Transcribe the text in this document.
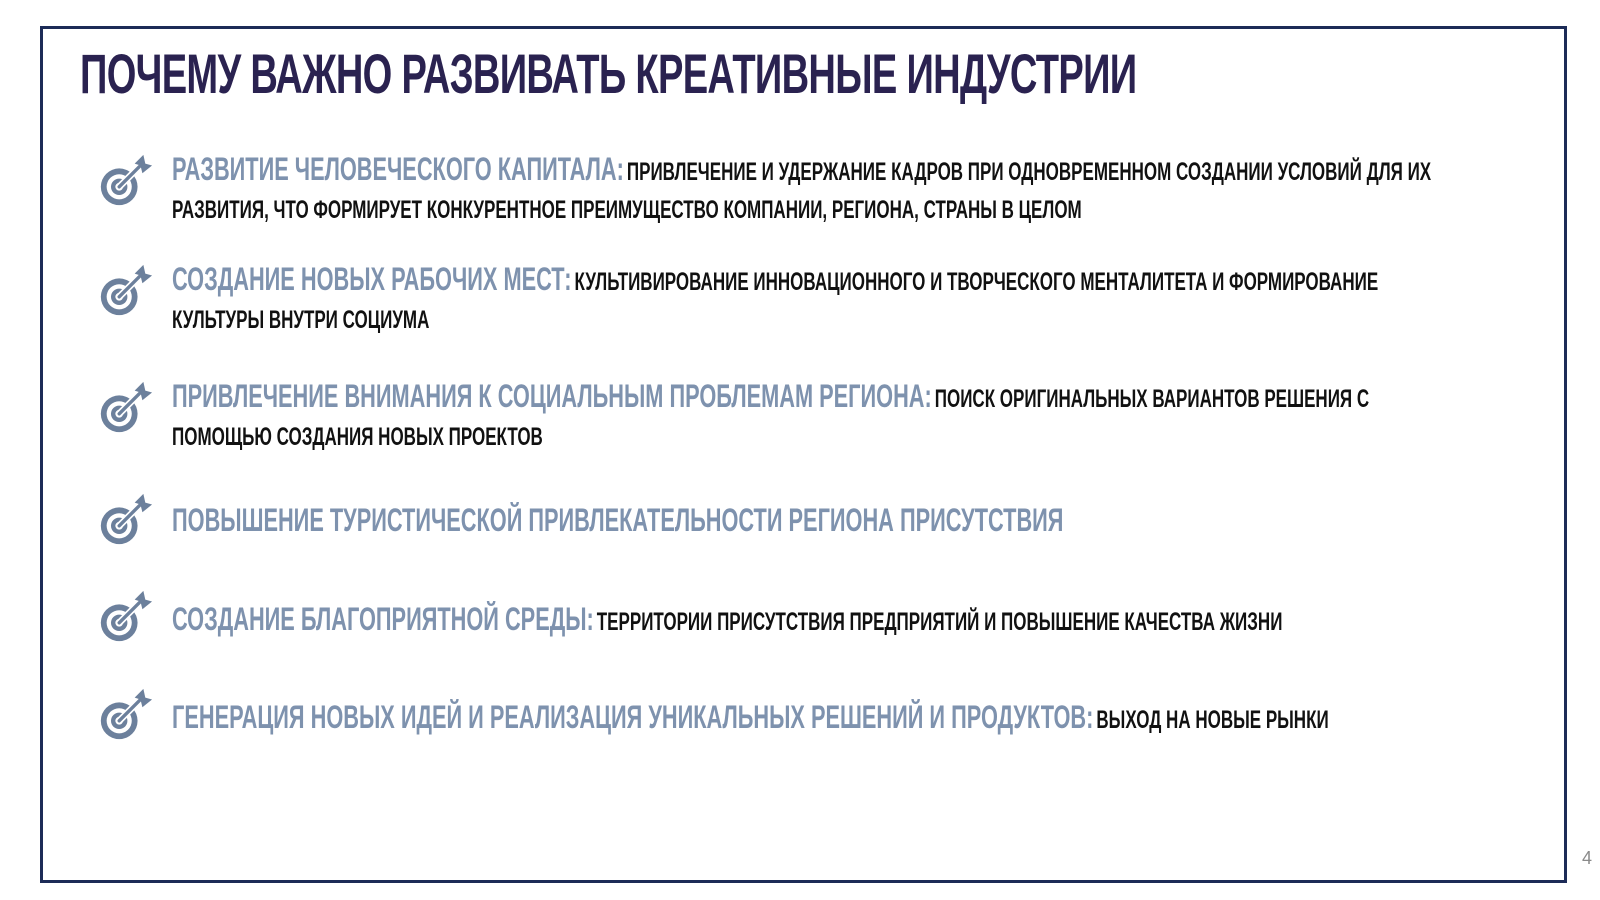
ПОЧЕМУ ВАЖНО РАЗВИВАТЬ КРЕАТИВНЫЕ ИНДУСТРИИ
РАЗВИТИЕ ЧЕЛОВЕЧЕСКОГО КАПИТАЛА: ПРИВЛЕЧЕНИЕ И УДЕРЖАНИЕ КАДРОВ ПРИ ОДНОВРЕМЕННОМ СОЗДАНИИ УСЛОВИЙ ДЛЯ ИХ РАЗВИТИЯ, ЧТО ФОРМИРУЕТ КОНКУРЕНТНОЕ ПРЕИМУЩЕСТВО КОМПАНИИ, РЕГИОНА, СТРАНЫ В ЦЕЛОМ
СОЗДАНИЕ НОВЫХ РАБОЧИХ МЕСТ: КУЛЬТИВИРОВАНИЕ ИННОВАЦИОННОГО И ТВОРЧЕСКОГО МЕНТАЛИТЕТА И ФОРМИРОВАНИЕ КУЛЬТУРЫ ВНУТРИ СОЦИУМА
ПРИВЛЕЧЕНИЕ ВНИМАНИЯ К СОЦИАЛЬНЫМ ПРОБЛЕМАМ РЕГИОНА: ПОИСК ОРИГИНАЛЬНЫХ ВАРИАНТОВ РЕШЕНИЯ С ПОМОЩЬЮ СОЗДАНИЯ НОВЫХ ПРОЕКТОВ
ПОВЫШЕНИЕ ТУРИСТИЧЕСКОЙ ПРИВЛЕКАТЕЛЬНОСТИ РЕГИОНА ПРИСУТСТВИЯ
СОЗДАНИЕ БЛАГОПРИЯТНОЙ СРЕДЫ: ТЕРРИТОРИИ ПРИСУТСТВИЯ ПРЕДПРИЯТИЙ И ПОВЫШЕНИЕ КАЧЕСТВА ЖИЗНИ
ГЕНЕРАЦИЯ НОВЫХ ИДЕЙ И РЕАЛИЗАЦИЯ УНИКАЛЬНЫХ РЕШЕНИЙ И ПРОДУКТОВ: ВЫХОД НА НОВЫЕ РЫНКИ
4
